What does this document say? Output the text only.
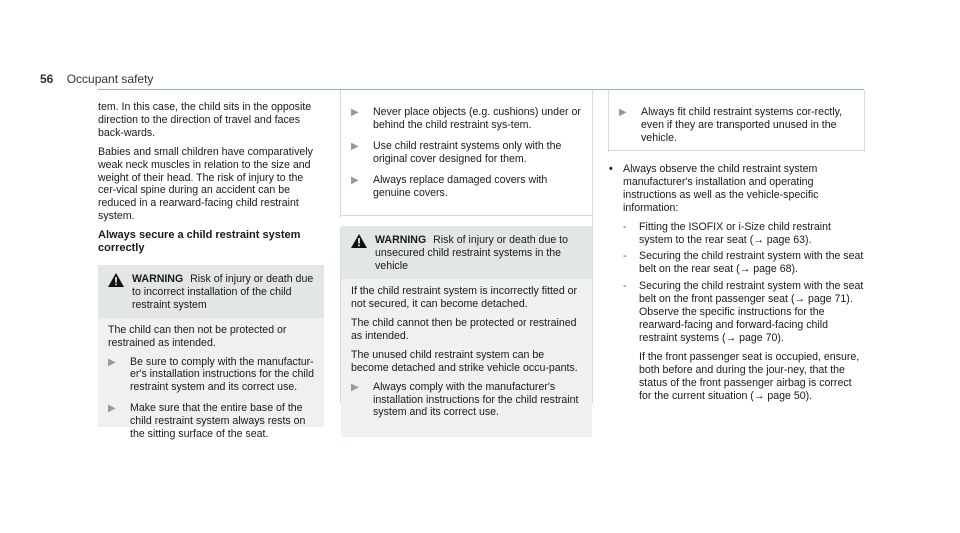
56 Occupant safety

tem. In this case, the child sits in the opposite direction to the direction of travel and faces back-wards.

Babies and small children have comparatively weak neck muscles in relation to the size and weight of their head. The risk of injury to the cer-vical spine during an accident can be reduced in a rearward-facing child restraint system.

Always secure a child restraint system correctly
WARNING Risk of injury or death due to incorrect installation of the child restraint system

The child can then not be protected or restrained as intended.

▶	Be sure to comply with the manufactur-er's installation instructions for the child restraint system and its correct use.
▶	Make sure that the entire base of the child restraint system always rests on the sitting surface of the seat.
▶	Never place objects (e.g. cushions) under or behind the child restraint sys-tem.
▶	Use child restraint systems only with the original cover designed for them.
▶	Always replace damaged covers with genuine covers.
WARNING Risk of injury or death due to unsecured child restraint systems in the vehicle

If the child restraint system is incorrectly fitted or not secured, it can become detached.

The child cannot then be protected or restrained as intended.

The unused child restraint system can be become detached and strike vehicle occu-pants.

▶	Always comply with the manufacturer's installation instructions for the child restraint system and its correct use.
▶	Always fit child restraint systems cor-rectly, even if they are transported unused in the vehicle.
• Always observe the child restraint system manufacturer's installation and operating instructions as well as the vehicle-specific information:

-	Fitting the ISOFIX or i-Size child restraint system to the rear seat (→ page 63).
-	Securing the child restraint system with the seat belt on the rear seat (→ page 68).
-	Securing the child restraint system with the seat belt on the front passenger seat (→ page 71). Observe the specific instructions for the rearward-facing and forward-facing child restraint systems (→ page 70).

If the front passenger seat is occupied, ensure, both before and during the jour-ney, that the status of the front passenger airbag is correct for the current situation (→ page 50).
